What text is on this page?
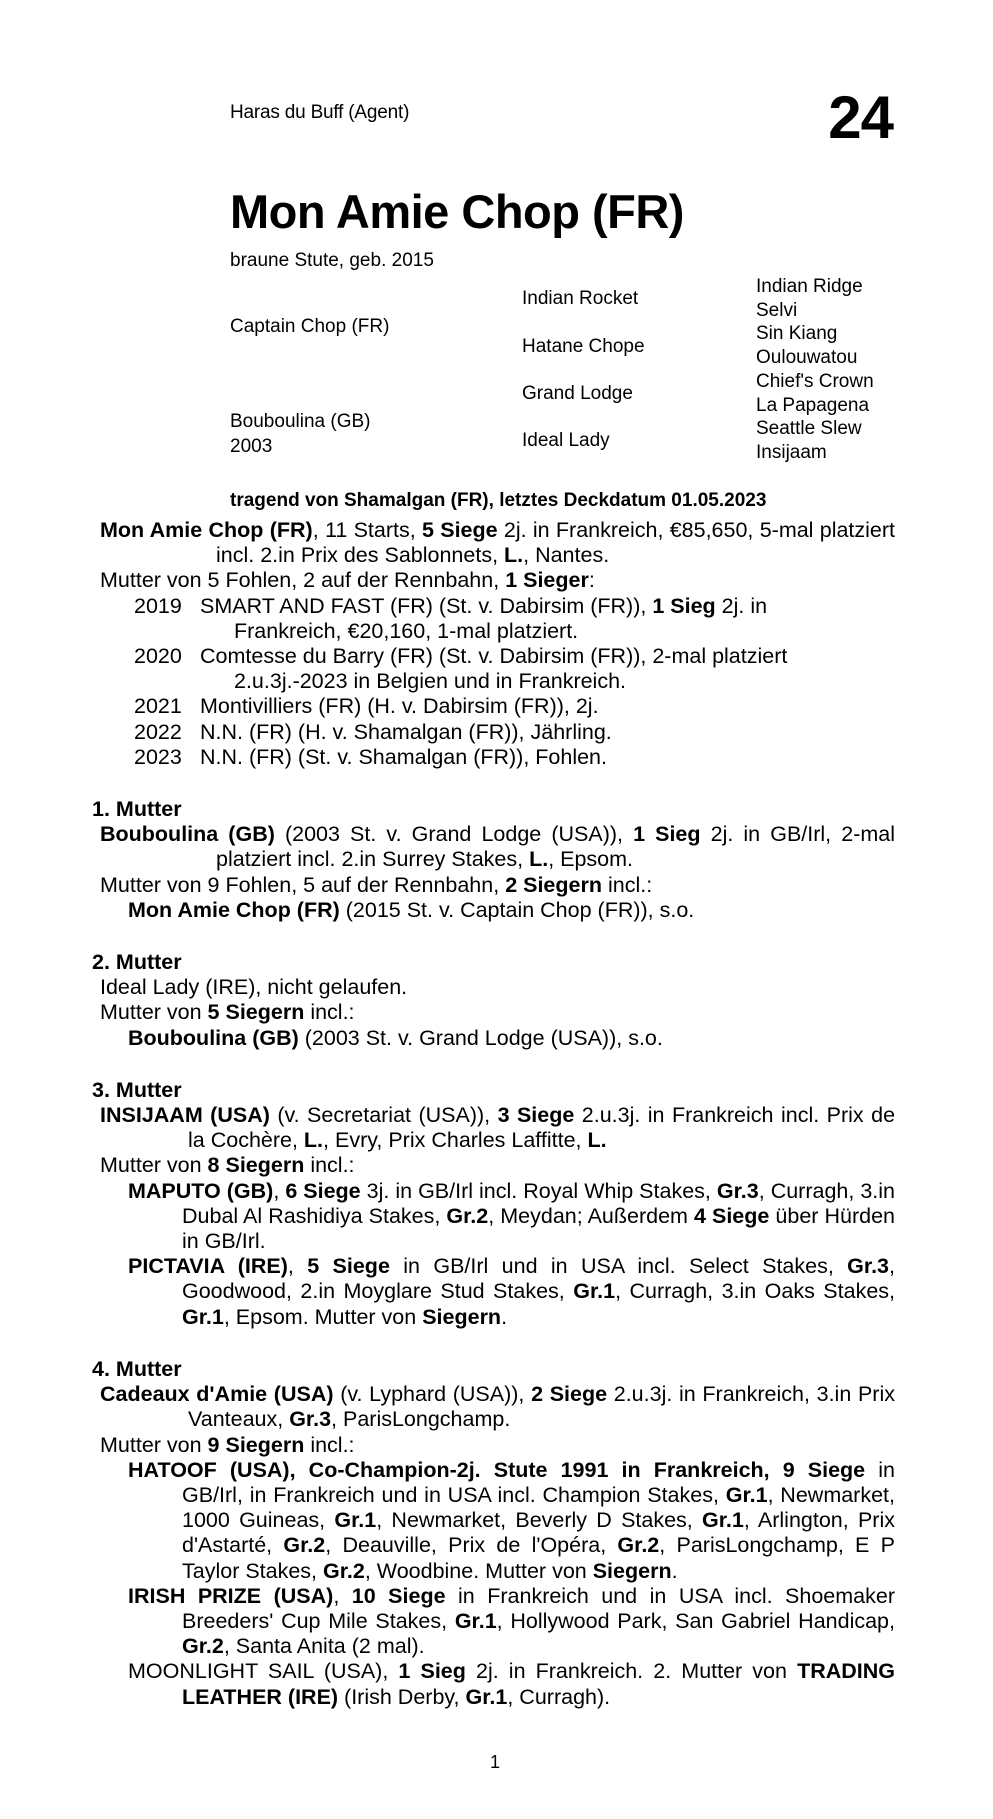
Haras du Buff (Agent)	24
Mon Amie Chop (FR)
braune Stute, geb. 2015
Captain Chop (FR)
Bouboulina (GB)
2003
Indian Rocket
Hatane Chope
Grand Lodge
Ideal Lady
Indian Ridge
Selvi
Sin Kiang
Oulouwatou
Chief's Crown
La Papagena
Seattle Slew
Insijaam
tragend von Shamalgan (FR), letztes Deckdatum 01.05.2023

Mon Amie Chop (FR), 11 Starts, 5 Siege 2j. in Frankreich, €85,650, 5-mal platziert incl. 2.in Prix des Sablonnets, L., Nantes.

Mutter von 5 Fohlen, 2 auf der Rennbahn, 1 Sieger:

2019 SMART AND FAST (FR) (St. v. Dabirsim (FR)), 1 Sieg 2j. in
Frankreich, €20,160, 1-mal platziert.
2020 Comtesse du Barry (FR) (St. v. Dabirsim (FR)), 2-mal platziert
2.u.3j.-2023 in Belgien und in Frankreich.
2021 Montivilliers (FR) (H. v. Dabirsim (FR)), 2j.
2022 N.N. (FR) (H. v. Shamalgan (FR)), Jährling.
2023 N.N. (FR) (St. v. Shamalgan (FR)), Fohlen.
1. Mutter

Bouboulina (GB) (2003 St. v. Grand Lodge (USA)), 1 Sieg 2j. in GB/Irl, 2-mal platziert incl. 2.in Surrey Stakes, L., Epsom.

Mutter von 9 Fohlen, 5 auf der Rennbahn, 2 Siegern incl.:

Mon Amie Chop (FR) (2015 St. v. Captain Chop (FR)), s.o.

2. Mutter

Ideal Lady (IRE), nicht gelaufen.

Mutter von 5 Siegern incl.:

Bouboulina (GB) (2003 St. v. Grand Lodge (USA)), s.o.

3. Mutter

INSIJAAM (USA) (v. Secretariat (USA)), 3 Siege 2.u.3j. in Frankreich incl. Prix de la Cochère, L., Evry, Prix Charles Laffitte, L.

Mutter von 8 Siegern incl.:

MAPUTO (GB), 6 Siege 3j. in GB/Irl incl. Royal Whip Stakes, Gr.3, Curragh, 3.in Dubal Al Rashidiya Stakes, Gr.2, Meydan; Außerdem 4 Siege über Hürden in GB/Irl.

PICTAVIA (IRE), 5 Siege in GB/Irl und in USA incl. Select Stakes, Gr.3, Goodwood, 2.in Moyglare Stud Stakes, Gr.1, Curragh, 3.in Oaks Stakes, Gr.1, Epsom. Mutter von Siegern.

4. Mutter

Cadeaux d'Amie (USA) (v. Lyphard (USA)), 2 Siege 2.u.3j. in Frankreich, 3.in Prix Vanteaux, Gr.3, ParisLongchamp.

Mutter von 9 Siegern incl.:

HATOOF (USA), Co-Champion-2j. Stute 1991 in Frankreich, 9 Siege in GB/Irl, in Frankreich und in USA incl. Champion Stakes, Gr.1, Newmarket, 1000 Guineas, Gr.1, Newmarket, Beverly D Stakes, Gr.1, Arlington, Prix d'Astarté, Gr.2, Deauville, Prix de l'Opéra, Gr.2, ParisLongchamp, E P Taylor Stakes, Gr.2, Woodbine. Mutter von Siegern.

IRISH PRIZE (USA), 10 Siege in Frankreich und in USA incl. Shoemaker Breeders' Cup Mile Stakes, Gr.1, Hollywood Park, San Gabriel Handicap, Gr.2, Santa Anita (2 mal).

MOONLIGHT SAIL (USA), 1 Sieg 2j. in Frankreich. 2. Mutter von TRADING LEATHER (IRE) (Irish Derby, Gr.1, Curragh).

1
